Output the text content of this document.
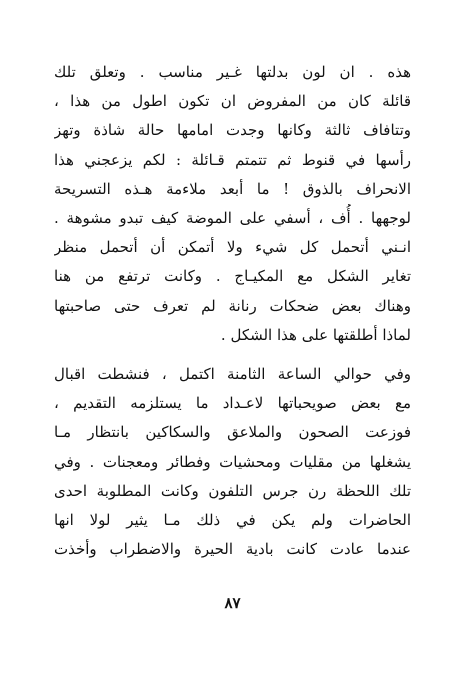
هذه . ان لون بدلتها غـير مناسب . وتعلق تلك
قائلة كان من المفروض ان تكون اطول من هذا ،
وتتافاف ثالثة وكانها وجدت امامها حالة شاذة وتهز
رأسها في قنوط ثم تتمتم قـائلة : لكم يزعجني هذا
الانحراف بالذوق ! ما أبعد ملاءمة هـذه التسريحة
لوجهها . أُف ، أسفي على الموضة كيف تبدو مشوهة .
انـني أتحمل كل شيء ولا أتمكن أن أتحمل منظر
تغاير الشكل مع المكيـاج . وكانت ترتفع من هنا
وهناك بعض ضحكات رنانة لم تعرف حتى صاحبتها
لماذا أطلقتها على هذا الشكل .
وفي حوالي الساعة الثامنة اكتمل ، فنشطت اقبال
مع بعض صويحباتها لاعـداد ما يستلزمه التقديم ،
فوزعت الصحون والملاعق والسكاكين بانتظار مـا
يشغلها من مقليات ومحشيات وفطائر ومعجنات . وفي
تلك اللحظة رن جرس التلفون وكانت المطلوبة احدى
الحاضرات ولم يكن في ذلك مـا يثير لولا انها
عندما عادت كانت بادية الحيرة والاضطراب وأخذت
٨٧
